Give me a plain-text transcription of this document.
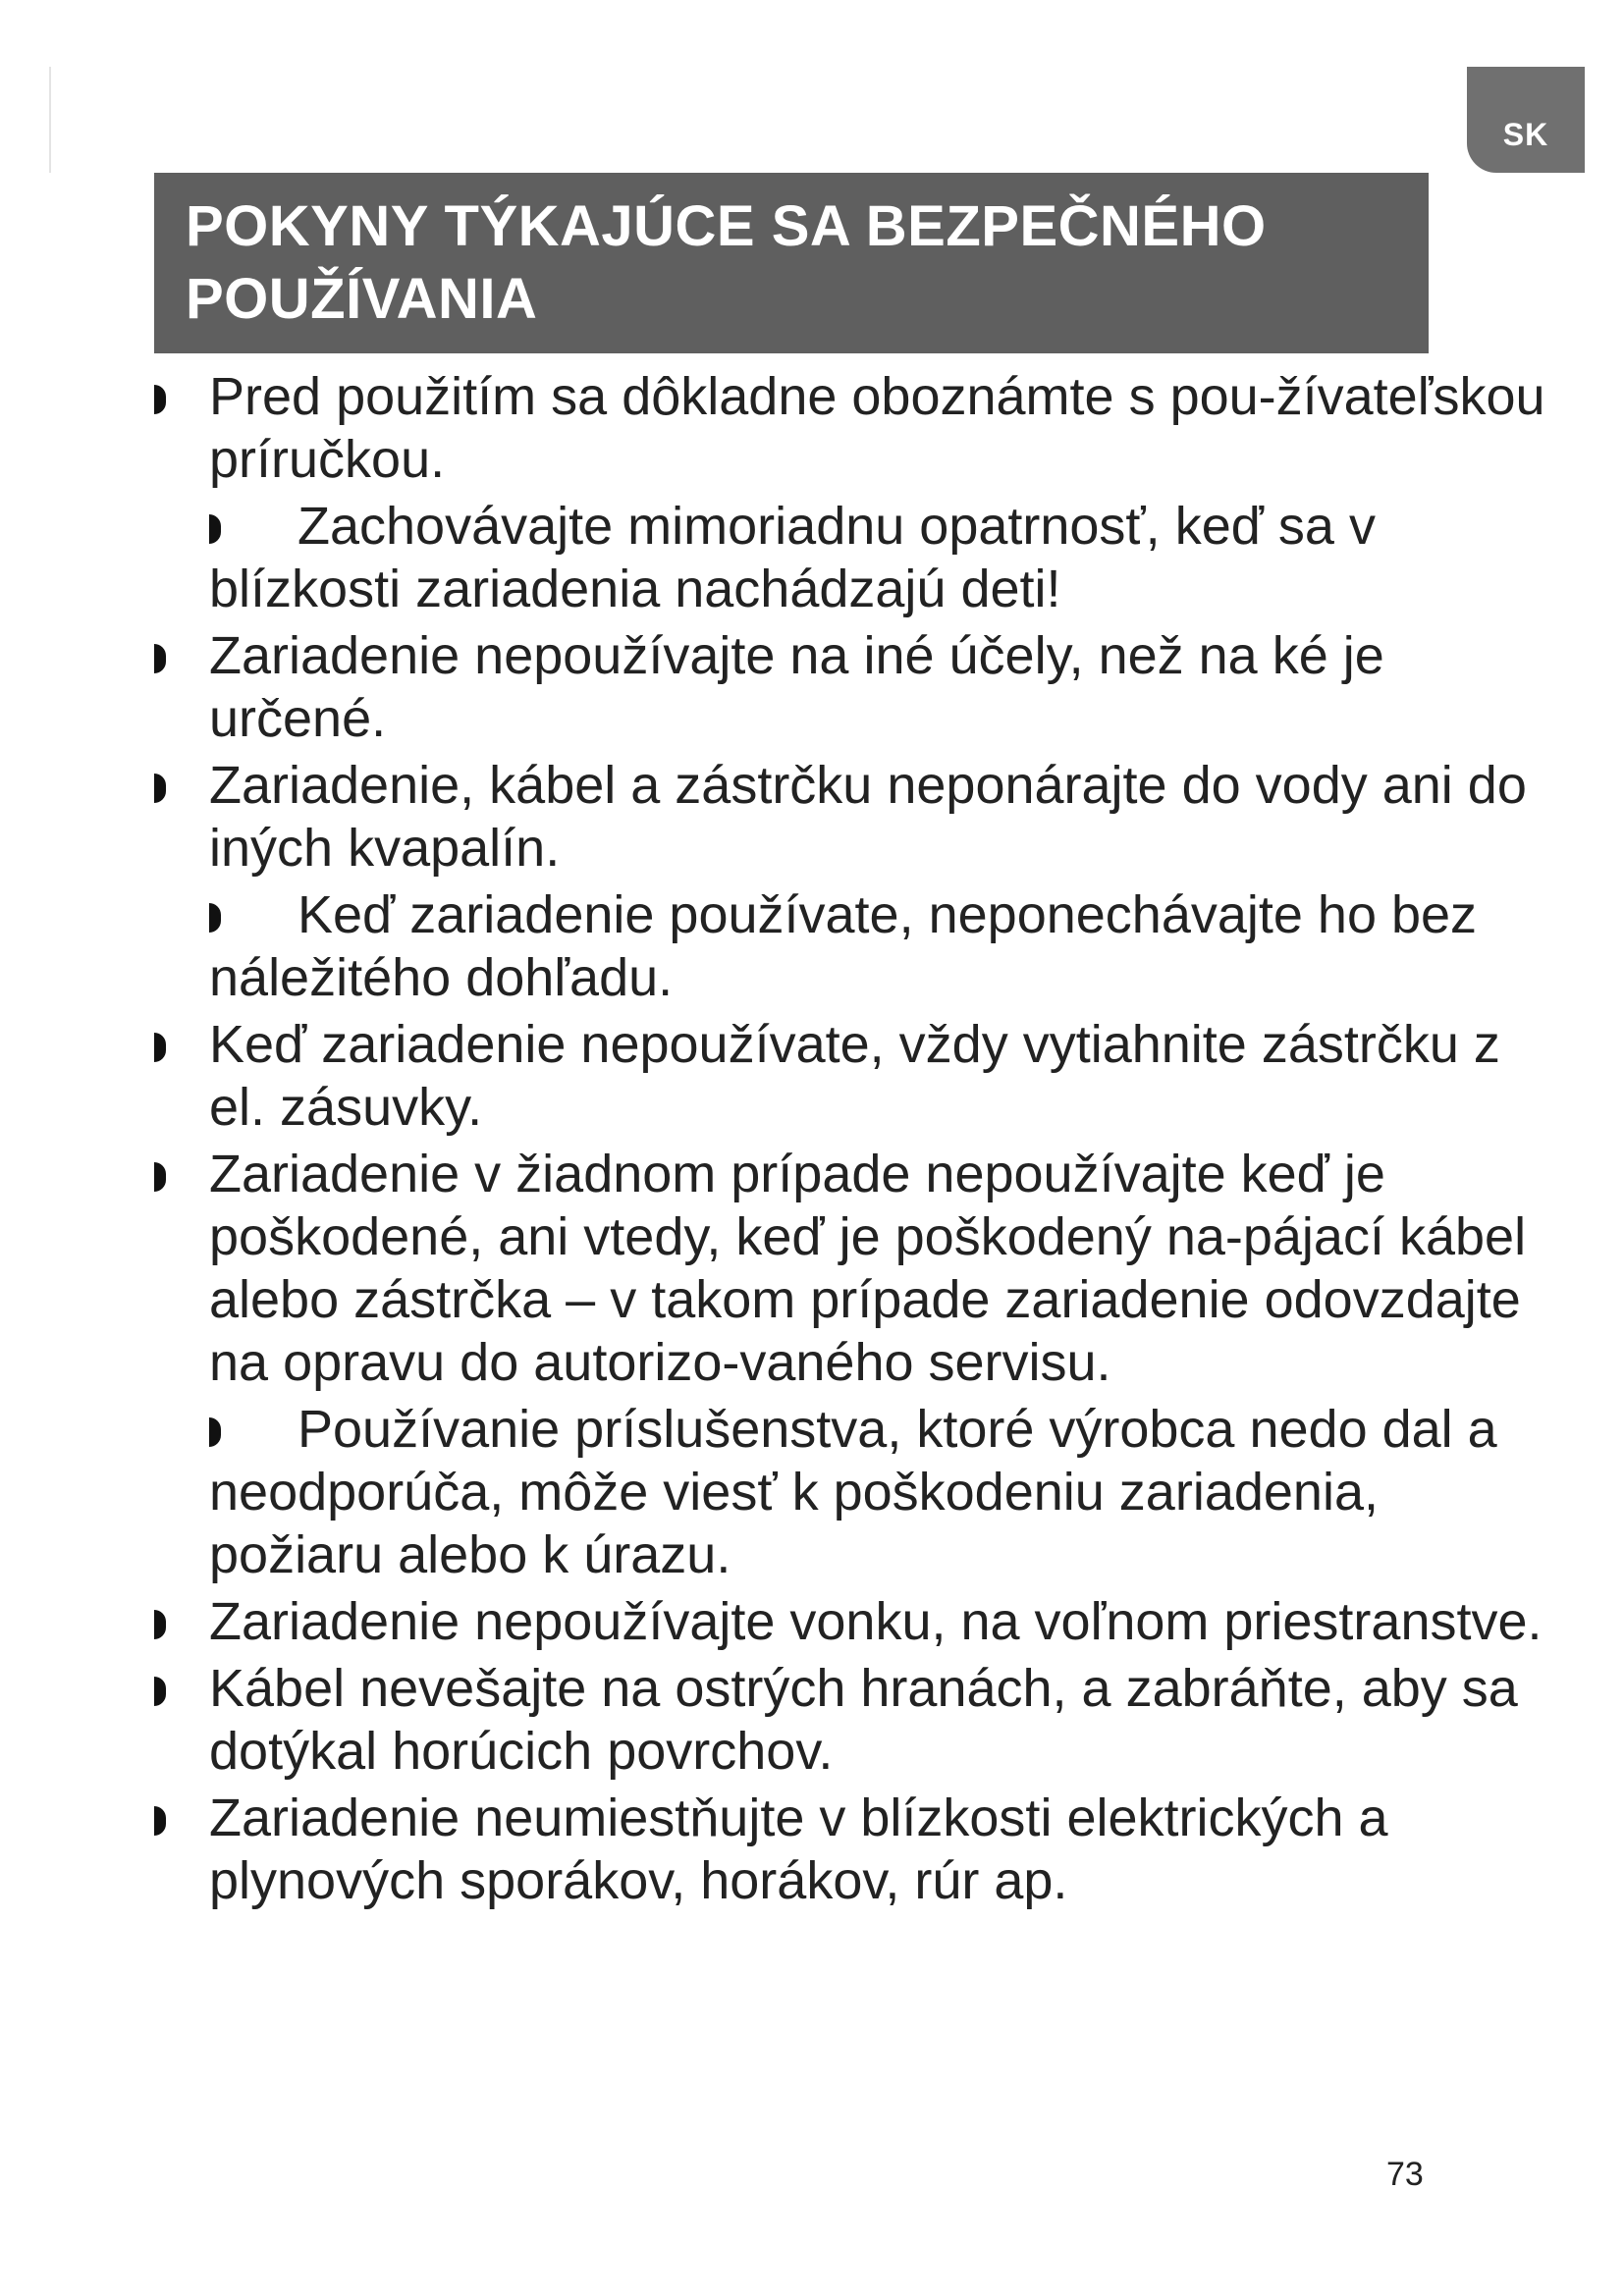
SK
POKYNY TÝKAJÚCE SA BEZPEČNÉHO
POUŽÍVANIA
Pred použitím sa dôkladne oboznámte s pou-žívateľskou príručkou.
Zachovávajte mimoriadnu opatrnosť, keď sa v blízkosti zariadenia nachádzajú deti!
Zariadenie nepoužívajte na iné účely, než na ké je určené.
Zariadenie, kábel a zástrčku neponárajte do vody ani do iných kvapalín.
Keď zariadenie používate, neponechávajte ho bez náležitého dohľadu.
Keď zariadenie nepoužívate, vždy vytiahnite zástrčku z el. zásuvky.
Zariadenie v žiadnom prípade nepoužívajte keď je poškodené, ani vtedy, keď je poškodený na-pájací kábel alebo zástrčka – v takom prípade zariadenie odovzdajte na opravu do autorizo-vaného servisu.
Používanie príslušenstva, ktoré výrobca nedo dal a neodporúča, môže viesť k poškodeniu zariadenia, požiaru alebo k úrazu.
Zariadenie nepoužívajte vonku, na voľnom priestranstve.
Kábel nevešajte na ostrých hranách, a zabráňte, aby sa dotýkal horúcich povrchov.
Zariadenie neumiestňujte v blízkosti elektrických a plynových sporákov, horákov, rúr ap.
73
